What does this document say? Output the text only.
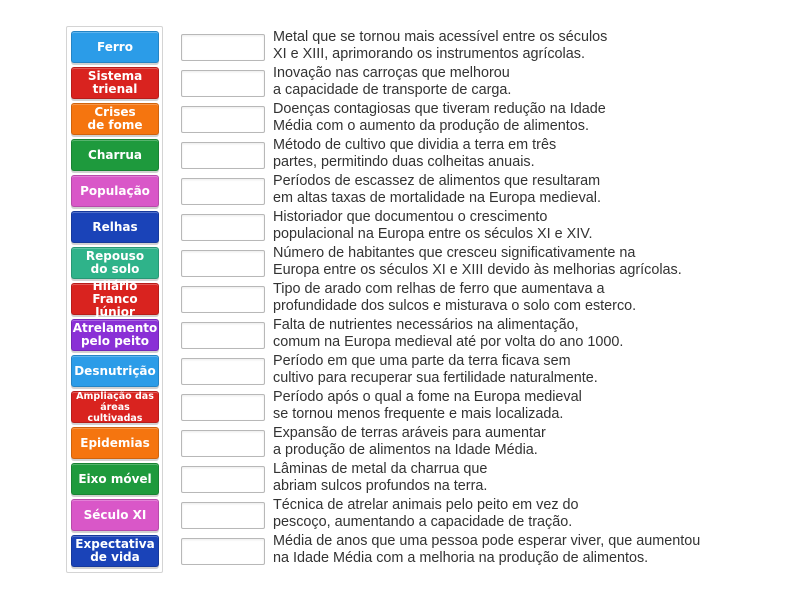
Ferro
Metal que se tornou mais acessível entre os séculos
XI e XIII, aprimorando os instrumentos agrícolas.
Sistema
trienal
Inovação nas carroças que melhorou
a capacidade de transporte de carga.
Crises
de fome
Doenças contagiosas que tiveram redução na Idade
Média com o aumento da produção de alimentos.
Charrua
Método de cultivo que dividia a terra em três
partes, permitindo duas colheitas anuais.
População
Períodos de escassez de alimentos que resultaram
em altas taxas de mortalidade na Europa medieval.
Relhas
Historiador que documentou o crescimento
populacional na Europa entre os séculos XI e XIV.
Repouso
do solo
Número de habitantes que cresceu significativamente na
Europa entre os séculos XI e XIII devido às melhorias agrícolas.
Hilário
Franco Júnior
Tipo de arado com relhas de ferro que aumentava a
profundidade dos sulcos e misturava o solo com esterco.
Atrelamento
pelo peito
Falta de nutrientes necessários na alimentação,
comum na Europa medieval até por volta do ano 1000.
Desnutrição
Período em que uma parte da terra ficava sem
cultivo para recuperar sua fertilidade naturalmente.
Ampliação das
áreas cultivadas
Período após o qual a fome na Europa medieval
se tornou menos frequente e mais localizada.
Epidemias
Expansão de terras aráveis para aumentar
a produção de alimentos na Idade Média.
Eixo móvel
Lâminas de metal da charrua que
abriam sulcos profundos na terra.
Século XI
Técnica de atrelar animais pelo peito em vez do
pescoço, aumentando a capacidade de tração.
Expectativa
de vida
Média de anos que uma pessoa pode esperar viver, que aumentou
na Idade Média com a melhoria na produção de alimentos.
